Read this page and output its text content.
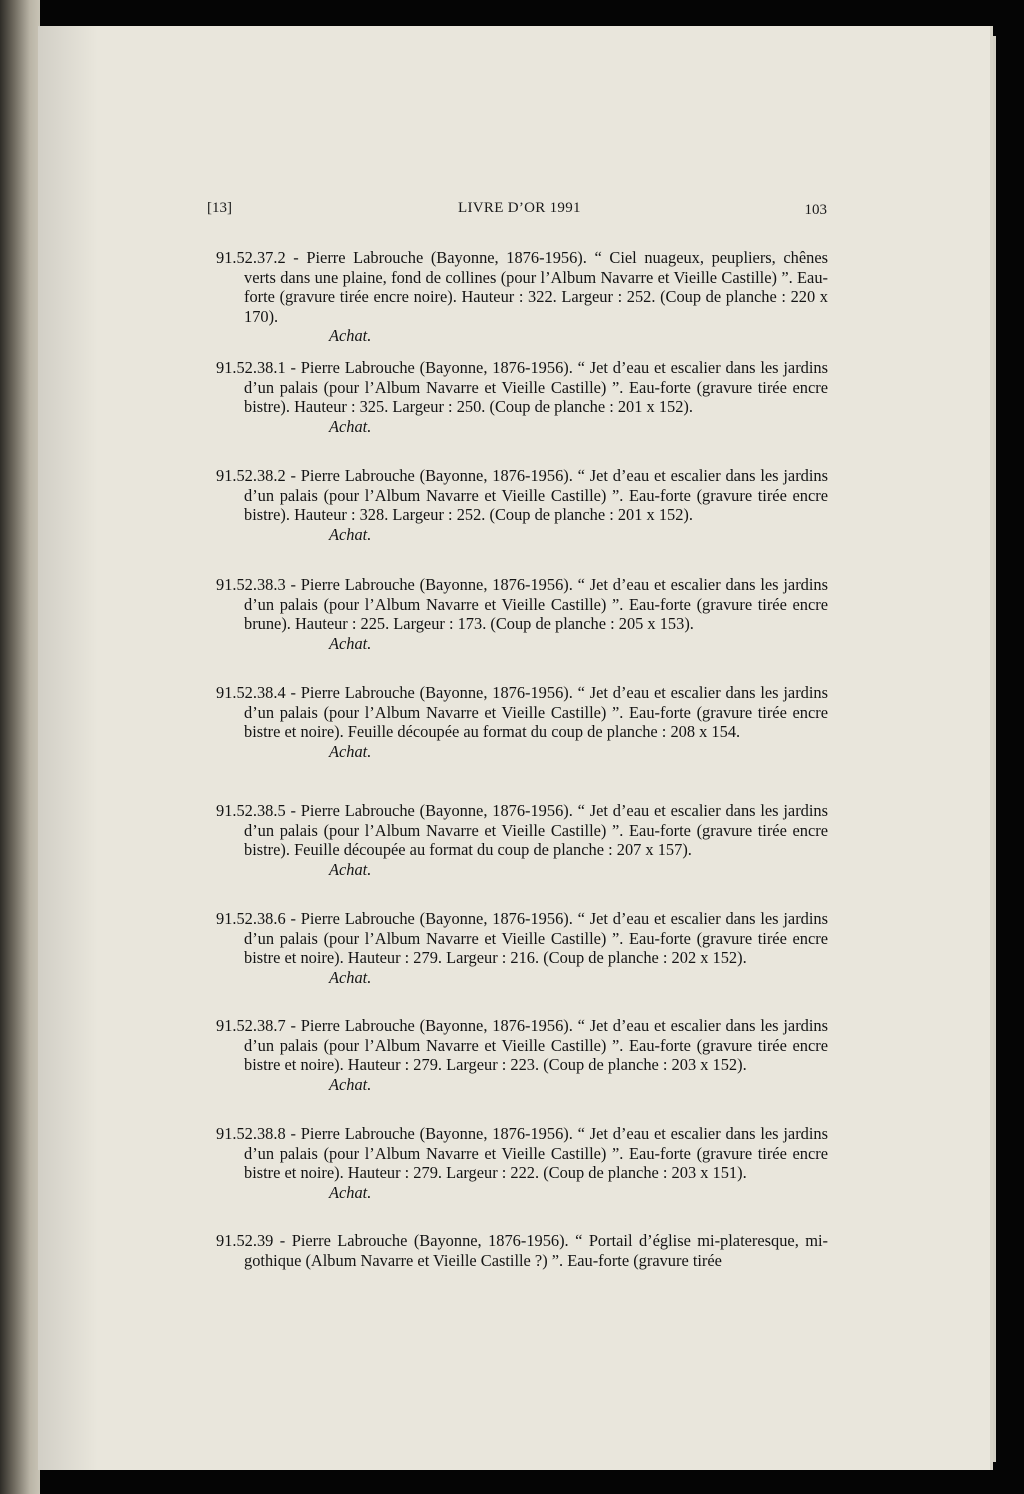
[13]	LIVRE D’OR 1991	103
91.52.37.2 - Pierre Labrouche (Bayonne, 1876-1956). “ Ciel nuageux, peupliers, chênes verts dans une plaine, fond de collines (pour l’Album Navarre et Vieille Castille) ”. Eau-forte (gravure tirée encre noire). Hauteur : 322. Largeur : 252. (Coup de planche : 220 x 170).
Achat.
91.52.38.1 - Pierre Labrouche (Bayonne, 1876-1956). “ Jet d’eau et escalier dans les jardins d’un palais (pour l’Album Navarre et Vieille Castille) ”. Eau-forte (gravure tirée encre bistre). Hauteur : 325. Largeur : 250. (Coup de planche : 201 x 152).
Achat.
91.52.38.2 - Pierre Labrouche (Bayonne, 1876-1956). “ Jet d’eau et escalier dans les jardins d’un palais (pour l’Album Navarre et Vieille Castille) ”. Eau-forte (gravure tirée encre bistre). Hauteur : 328. Largeur : 252. (Coup de planche : 201 x 152).
Achat.
91.52.38.3 - Pierre Labrouche (Bayonne, 1876-1956). “ Jet d’eau et escalier dans les jardins d’un palais (pour l’Album Navarre et Vieille Castille) ”. Eau-forte (gravure tirée encre brune). Hauteur : 225. Largeur : 173. (Coup de planche : 205 x 153).
Achat.
91.52.38.4 - Pierre Labrouche (Bayonne, 1876-1956). “ Jet d’eau et escalier dans les jardins d’un palais (pour l’Album Navarre et Vieille Castille) ”. Eau-forte (gravure tirée encre bistre et noire). Feuille découpée au format du coup de planche : 208 x 154.
Achat.
91.52.38.5 - Pierre Labrouche (Bayonne, 1876-1956). “ Jet d’eau et escalier dans les jardins d’un palais (pour l’Album Navarre et Vieille Castille) ”. Eau-forte (gravure tirée encre bistre). Feuille découpée au format du coup de planche : 207 x 157).
Achat.
91.52.38.6 - Pierre Labrouche (Bayonne, 1876-1956). “ Jet d’eau et escalier dans les jardins d’un palais (pour l’Album Navarre et Vieille Castille) ”. Eau-forte (gravure tirée encre bistre et noire). Hauteur : 279. Largeur : 216. (Coup de planche : 202 x 152).
Achat.
91.52.38.7 - Pierre Labrouche (Bayonne, 1876-1956). “ Jet d’eau et escalier dans les jardins d’un palais (pour l’Album Navarre et Vieille Castille) ”. Eau-forte (gravure tirée encre bistre et noire). Hauteur : 279. Largeur : 223. (Coup de planche : 203 x 152).
Achat.
91.52.38.8 - Pierre Labrouche (Bayonne, 1876-1956). “ Jet d’eau et escalier dans les jardins d’un palais (pour l’Album Navarre et Vieille Castille) ”. Eau-forte (gravure tirée encre bistre et noire). Hauteur : 279. Largeur : 222. (Coup de planche : 203 x 151).
Achat.
91.52.39 - Pierre Labrouche (Bayonne, 1876-1956). “ Portail d’église mi-plateresque, mi-gothique (Album Navarre et Vieille Castille ?) ”. Eau-forte (gravure tirée
